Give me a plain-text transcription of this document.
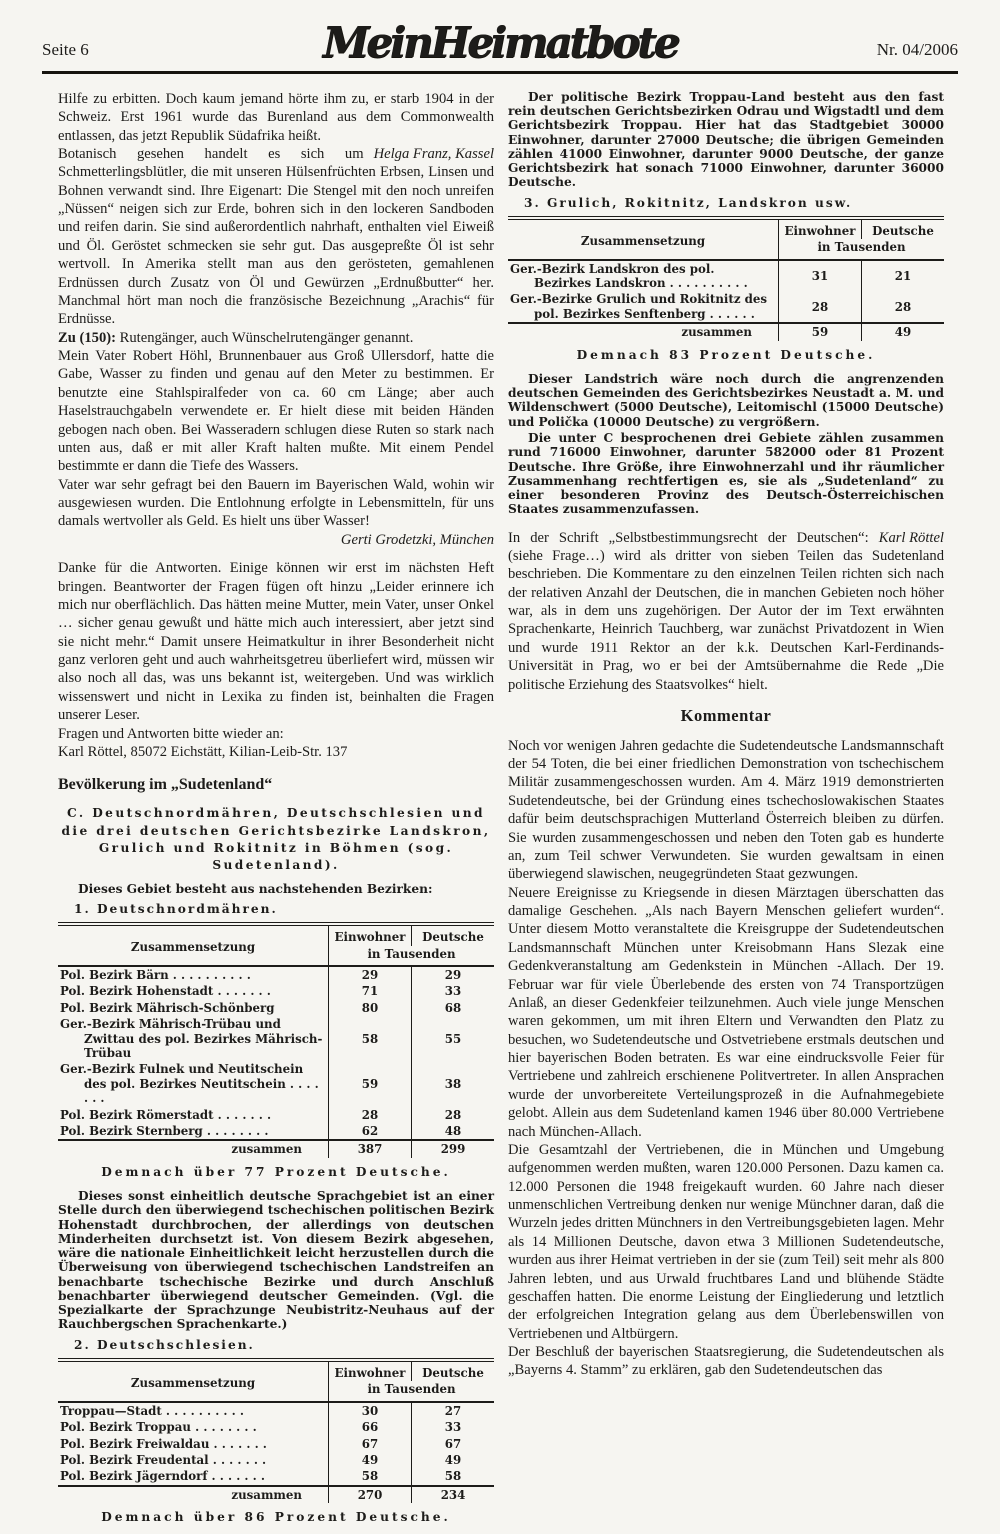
Seite 6	MeinHeimatbote	Nr. 04/2006

Hilfe zu erbitten. Doch kaum jemand hörte ihm zu, er starb 1904 in der Schweiz. Erst 1961 wurde das Burenland aus dem Commonwealth entlassen, das jetzt Republik Südafrika heißt.

Helga Franz, Kassel
Botanisch gesehen handelt es sich um Schmetterlingsblütler, die mit unseren Hülsenfrüchten Erbsen, Linsen und Bohnen verwandt sind. Ihre Eigenart: Die Stengel mit den noch unreifen „Nüssen“ neigen sich zur Erde, bohren sich in den lockeren Sandboden und reifen darin. Sie sind außerordentlich nahrhaft, enthalten viel Eiweiß und Öl. Geröstet schmecken sie sehr gut. Das ausgepreßte Öl ist sehr wertvoll. In Amerika stellt man aus den gerösteten, gemahlenen Erdnüssen durch Zusatz von Öl und Gewürzen „Erdnußbutter“ her. Manchmal hört man noch die französische Bezeichnung „Arachis“ für Erdnüsse.

Zu (150): Rutengänger, auch Wünschelrutengänger genannt.

Mein Vater Robert Höhl, Brunnenbauer aus Groß Ullersdorf, hatte die Gabe, Wasser zu finden und genau auf den Meter zu bestimmen. Er benutzte eine Stahlspiralfeder von ca. 60 cm Länge; aber auch Haselstrauchgabeln verwendete er. Er hielt diese mit beiden Händen gebogen nach oben. Bei Wasseradern schlugen diese Ruten so stark nach unten aus, daß er mit aller Kraft halten mußte. Mit einem Pendel bestimmte er dann die Tiefe des Wassers.

Vater war sehr gefragt bei den Bauern im Bayerischen Wald, wohin wir ausgewiesen wurden. Die Entlohnung erfolgte in Lebensmitteln, für uns damals wertvoller als Geld. Es hielt uns über Wasser!
Gerti Grodetzki, München

Danke für die Antworten. Einige können wir erst im nächsten Heft bringen. Beantworter der Fragen fügen oft hinzu „Leider erinnere ich mich nur oberflächlich. Das hätten meine Mutter, mein Vater, unser Onkel … sicher genau gewußt und hätte mich auch interessiert, aber jetzt sind sie nicht mehr.“ Damit unsere Heimatkultur in ihrer Besonderheit nicht ganz verloren geht und auch wahrheitsgetreu überliefert wird, müssen wir also noch all das, was uns bekannt ist, weitergeben. Und was wirklich wissenswert und nicht in Lexika zu finden ist, beinhalten die Fragen unserer Leser.

Fragen und Antworten bitte wieder an:

Karl Röttel, 85072 Eichstätt, Kilian-Leib-Str. 137

Bevölkerung im „Sudetenland“
C. Deutschnordmähren, Deutschschlesien und die drei deutschen Gerichtsbezirke Landskron, Grulich und Rokitnitz in Böhmen (sog. Sudetenland).
Dieses Gebiet besteht aus nachstehenden Bezirken:
1. Deutschnordmähren.
Zusammensetzung	Einwohner	Deutsche
	in Tausenden	
Pol. Bezirk Bärn . . . . . . . . . .	29	29
Pol. Bezirk Hohenstadt . . . . . . .	71	33
Pol. Bezirk Mährisch-Schönberg	80	68
Ger.-Bezirk Mährisch-Trübau und Zwittau des pol. Bezirkes Mährisch-Trübau	58	55
Ger.-Bezirk Fulnek und Neutitschein des pol. Bezirkes Neutitschein . . . . . . .	59	38
Pol. Bezirk Römerstadt . . . . . . .	28	28
Pol. Bezirk Sternberg . . . . . . . .	62	48
zusammen	387	299
Demnach über 77 Prozent Deutsche.
Dieses sonst einheitlich deutsche Sprachgebiet ist an einer Stelle durch den überwiegend tschechischen politischen Bezirk Hohenstadt durchbrochen, der allerdings von deutschen Minderheiten durchsetzt ist. Von diesem Bezirk abgesehen, wäre die nationale Einheitlichkeit leicht herzustellen durch die Überweisung von überwiegend tschechischen Landstreifen an benachbarte tschechische Bezirke und durch Anschluß benachbarter überwiegend deutscher Gemeinden. (Vgl. die Spezialkarte der Sprachzunge Neubistritz-Neuhaus auf der Rauchbergschen Sprachenkarte.)
2. Deutschschlesien.
Zusammensetzung	Einwohner	Deutsche
	in Tausenden	
Troppau—Stadt . . . . . . . . . .	30	27
Pol. Bezirk Troppau . . . . . . . .	66	33
Pol. Bezirk Freiwaldau . . . . . . .	67	67
Pol. Bezirk Freudental . . . . . . .	49	49
Pol. Bezirk Jägerndorf . . . . . . .	58	58
zusammen	270	234
Demnach über 86 Prozent Deutsche.
Der politische Bezirk Troppau-Land besteht aus den fast rein deutschen Gerichtsbezirken Odrau und Wigstadtl und dem Gerichtsbezirk Troppau. Hier hat das Stadtgebiet 30000 Einwohner, darunter 27000 Deutsche; die übrigen Gemeinden zählen 41000 Einwohner, darunter 9000 Deutsche, der ganze Gerichtsbezirk hat sonach 71000 Einwohner, darunter 36000 Deutsche.
3. Grulich, Rokitnitz, Landskron usw.
Zusammensetzung	Einwohner	Deutsche
	in Tausenden	
Ger.-Bezirk Landskron des pol. Bezirkes Landskron . . . . . . . . . .	31	21
Ger.-Bezirke Grulich und Rokitnitz des pol. Bezirkes Senftenberg . . . . . .	28	28
zusammen	59	49
Demnach 83 Prozent Deutsche.
Dieser Landstrich wäre noch durch die angrenzenden deutschen Gemeinden des Gerichtsbezirkes Neustadt a. M. und Wildenschwert (5000 Deutsche), Leitomischl (15000 Deutsche) und Polička (10000 Deutsche) zu vergrößern.
Die unter C besprochenen drei Gebiete zählen zusammen rund 716000 Einwohner, darunter 582000 oder 81 Prozent Deutsche. Ihre Größe, ihre Einwohnerzahl und ihr räumlicher Zusammenhang rechtfertigen es, sie als „Sudetenland“ zu einer besonderen Provinz des Deutsch-Österreichischen Staates zusammenzufassen.

Karl Röttel
In der Schrift „Selbstbestimmungsrecht der Deutschen“: (siehe Frage…) wird als dritter von sieben Teilen das Sudetenland beschrieben. Die Kommentare zu den einzelnen Teilen richten sich nach der relativen Anzahl der Deutschen, die in manchen Gebieten noch höher war, als in dem uns zugehörigen. Der Autor der im Text erwähnten Sprachenkarte, Heinrich Tauchberg, war zunächst Privatdozent in Wien und wurde 1911 Rektor an der k.k. Deutschen Karl-Ferdinands-Universität in Prag, wo er bei der Amtsübernahme die Rede „Die politische Erziehung des Staatsvolkes“ hielt.

Kommentar

Noch vor wenigen Jahren gedachte die Sudetendeutsche Landsmannschaft der 54 Toten, die bei einer friedlichen Demonstration von tschechischem Militär zusammengeschossen wurden. Am 4. März 1919 demonstrierten Sudetendeutsche, bei der Gründung eines tschechoslowakischen Staates dafür beim deutschsprachigen Mutterland Österreich bleiben zu dürfen. Sie wurden zusammengeschossen und neben den Toten gab es hunderte an, zum Teil schwer Verwundeten. Sie wurden gewaltsam in einen überwiegend slawischen, neugegründeten Staat gezwungen.

Neuere Ereignisse zu Kriegsende in diesen Märztagen überschatten das damalige Geschehen. „Als nach Bayern Menschen geliefert wurden“. Unter diesem Motto veranstaltete die Kreisgruppe der Sudetendeutschen Landsmannschaft München unter Kreisobmann Hans Slezak eine Gedenkveranstaltung am Gedenkstein in München -Allach. Der 19. Februar war für viele Überlebende des ersten von 74 Transportzügen Anlaß, an dieser Gedenkfeier teilzunehmen. Auch viele junge Menschen waren gekommen, um mit ihren Eltern und Verwandten den Platz zu besuchen, wo Sudetendeutsche und Ostvetriebene erstmals deutschen und hier bayerischen Boden betraten. Es war eine eindrucksvolle Feier für Vertriebene und zahlreich erschienene Politvertreter. In allen Ansprachen wurde der unvorbereitete Verteilungsprozeß in die Aufnahmegebiete gelobt. Allein aus dem Sudetenland kamen 1946 über 80.000 Vertriebene nach München-Allach.

Die Gesamtzahl der Vertriebenen, die in München und Umgebung aufgenommen werden mußten, waren 120.000 Personen. Dazu kamen ca. 12.000 Personen die 1948 freigekauft wurden. 60 Jahre nach dieser unmenschlichen Vertreibung denken nur wenige Münchner daran, daß die Wurzeln jedes dritten Münchners in den Vertreibungsgebieten lagen. Mehr als 14 Millionen Deutsche, davon etwa 3 Millionen Sudetendeutsche, wurden aus ihrer Heimat vertrieben in der sie (zum Teil) seit mehr als 800 Jahren lebten, und aus Urwald fruchtbares Land und blühende Städte geschaffen hatten. Die enorme Leistung der Eingliederung und letztlich der erfolgreichen Integration gelang aus dem Überlebenswillen von Vertriebenen und Altbürgern.

Der Beschluß der bayerischen Staatsregierung, die Sudetendeutschen als „Bayerns 4. Stamm” zu erklären, gab den Sudetendeutschen das
